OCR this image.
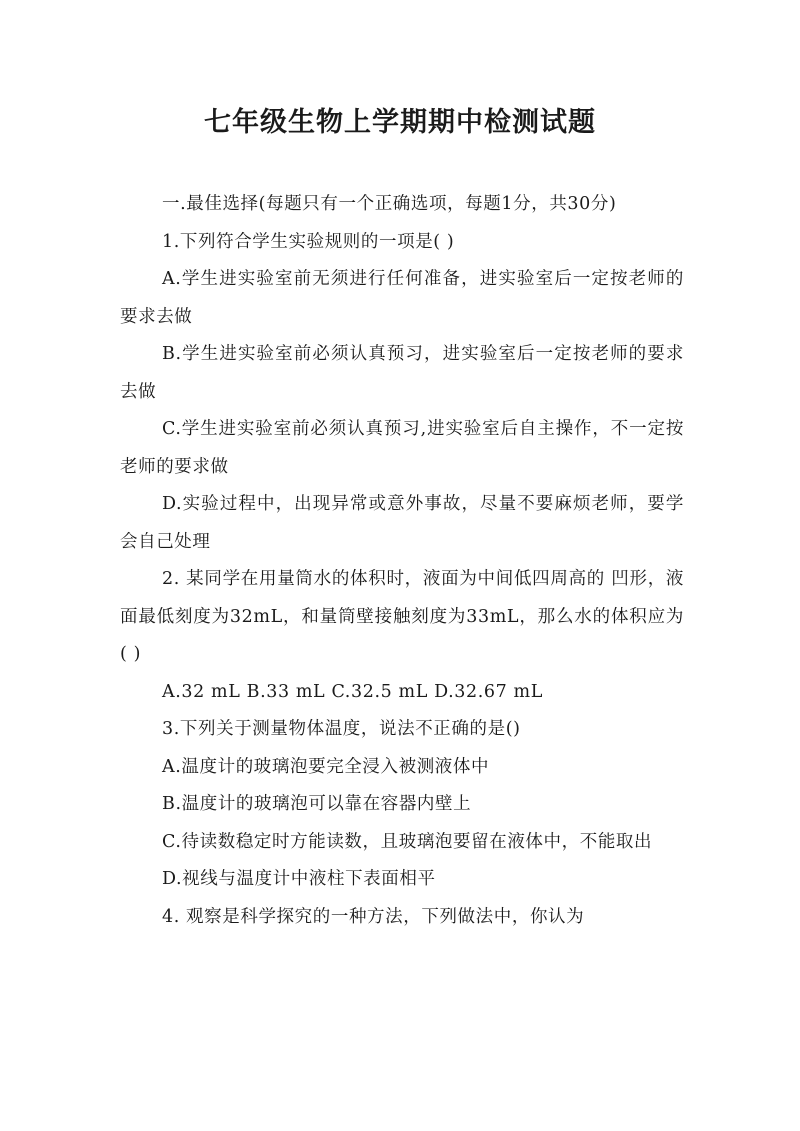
七年级生物上学期期中检测试题

一.最佳选择(每题只有一个正确选项，每题1分，共30分)

1.下列符合学生实验规则的一项是( )

A.学生进实验室前无须进行任何准备，进实验室后一定按老师的要求去做

B.学生进实验室前必须认真预习，进实验室后一定按老师的要求去做

C.学生进实验室前必须认真预习,进实验室后自主操作，不一定按老师的要求做

D.实验过程中，出现异常或意外事故，尽量不要麻烦老师，要学会自己处理

2. 某同学在用量筒水的体积时，液面为中间低四周高的 凹形，液面最低刻度为32mL，和量筒壁接触刻度为33mL，那么水的体积应为( )

A.32 mL B.33 mL C.32.5 mL D.32.67 mL

3.下列关于测量物体温度，说法不正确的是()

A.温度计的玻璃泡要完全浸入被测液体中

B.温度计的玻璃泡可以靠在容器内壁上

C.待读数稳定时方能读数，且玻璃泡要留在液体中，不能取出

D.视线与温度计中液柱下表面相平

4. 观察是科学探究的一种方法，下列做法中，你认为
